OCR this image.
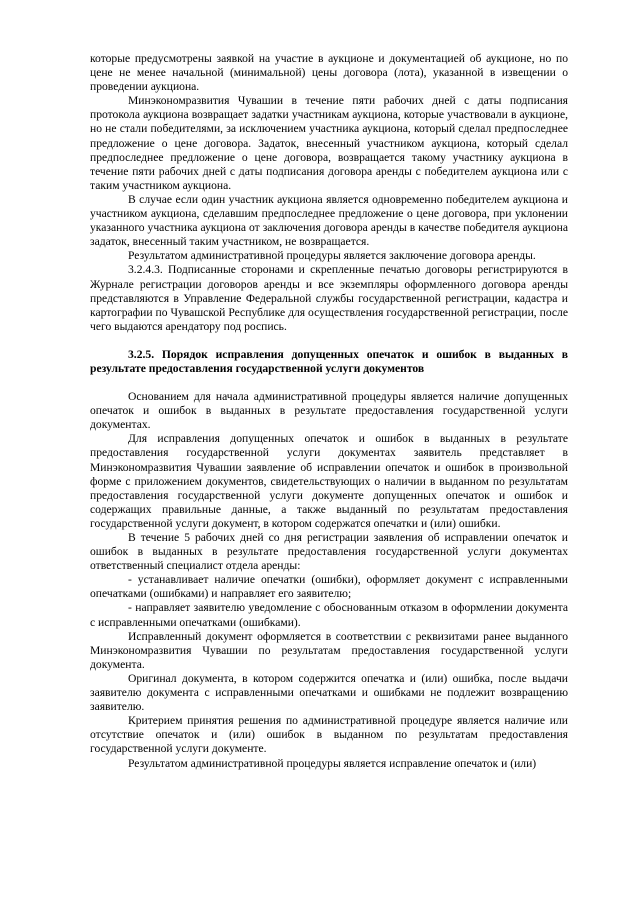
которые предусмотрены заявкой на участие в аукционе и документацией об аукционе, но по цене не менее начальной (минимальной) цены договора (лота), указанной в извещении о проведении аукциона.

Минэкономразвития Чувашии в течение пяти рабочих дней с даты подписания протокола аукциона возвращает задатки участникам аукциона, которые участвовали в аукционе, но не стали победителями, за исключением участника аукциона, который сделал предпоследнее предложение о цене договора. Задаток, внесенный участником аукциона, который сделал предпоследнее предложение о цене договора, возвращается такому участнику аукциона в течение пяти рабочих дней с даты подписания договора аренды с победителем аукциона или с таким участником аукциона.

В случае если один участник аукциона является одновременно победителем аукциона и участником аукциона, сделавшим предпоследнее предложение о цене договора, при уклонении указанного участника аукциона от заключения договора аренды в качестве победителя аукциона задаток, внесенный таким участником, не возвращается.

Результатом административной процедуры является заключение договора аренды.

3.2.4.3. Подписанные сторонами и скрепленные печатью договоры регистрируются в Журнале регистрации договоров аренды и все экземпляры оформленного договора аренды представляются в Управление Федеральной службы государственной регистрации, кадастра и картографии по Чувашской Республике для осуществления государственной регистрации, после чего выдаются арендатору под роспись.

3.2.5. Порядок исправления допущенных опечаток и ошибок в выданных в результате предоставления государственной услуги документов

Основанием для начала административной процедуры является наличие допущенных опечаток и ошибок в выданных в результате предоставления государственной услуги документах.

Для исправления допущенных опечаток и ошибок в выданных в результате предоставления государственной услуги документах заявитель представляет в Минэкономразвития Чувашии заявление об исправлении опечаток и ошибок в произвольной форме с приложением документов, свидетельствующих о наличии в выданном по результатам предоставления государственной услуги документе допущенных опечаток и ошибок и содержащих правильные данные, а также выданный по результатам предоставления государственной услуги документ, в котором содержатся опечатки и (или) ошибки.

В течение 5 рабочих дней со дня регистрации заявления об исправлении опечаток и ошибок в выданных в результате предоставления государственной услуги документах ответственный специалист отдела аренды:

- устанавливает наличие опечатки (ошибки), оформляет документ с исправленными опечатками (ошибками) и направляет его заявителю;

- направляет заявителю уведомление с обоснованным отказом в оформлении документа с исправленными опечатками (ошибками).

Исправленный документ оформляется в соответствии с реквизитами ранее выданного Минэкономразвития Чувашии по результатам предоставления государственной услуги документа.

Оригинал документа, в котором содержится опечатка и (или) ошибка, после выдачи заявителю документа с исправленными опечатками и ошибками не подлежит возвращению заявителю.

Критерием принятия решения по административной процедуре является наличие или отсутствие опечаток и (или) ошибок в выданном по результатам предоставления государственной услуги документе.

Результатом административной процедуры является исправление опечаток и (или)
